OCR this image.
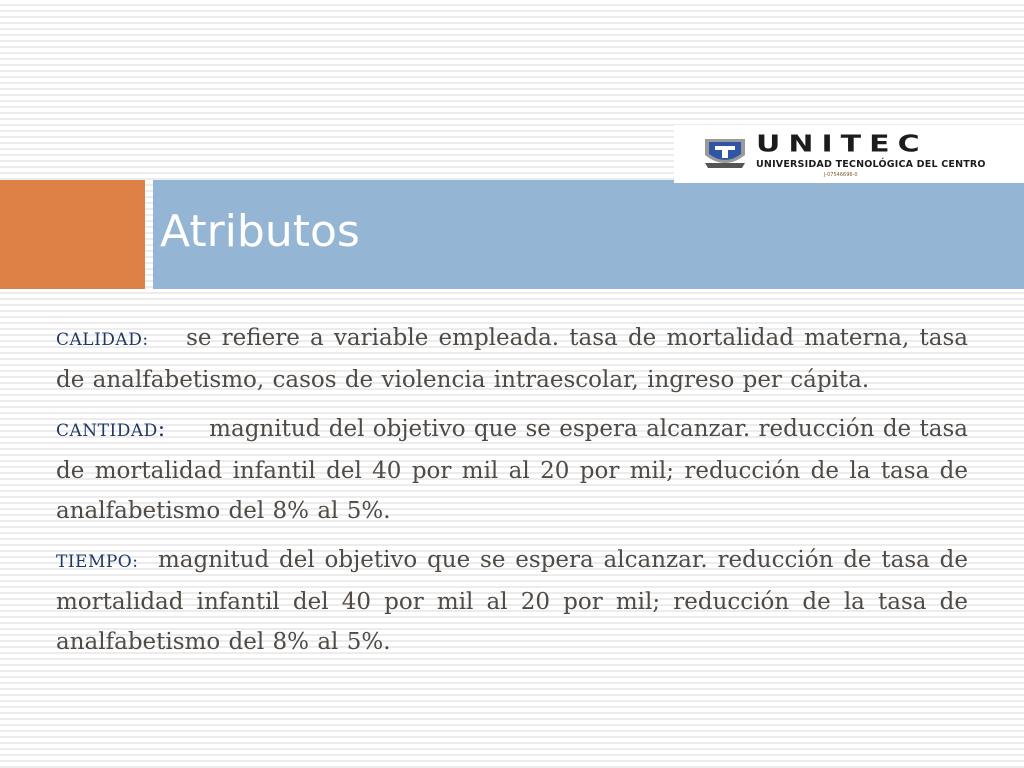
Atributos
UNITEC
UNIVERSIDAD TECNOLÓGICA DEL CENTRO
J-07546696-0

CALIDAD: se refiere a variable empleada. tasa de mortalidad materna, tasa de analfabetismo, casos de violencia intraescolar, ingreso per cápita.

CANTIDAD: magnitud del objetivo que se espera alcanzar. reducción de tasa de mortalidad infantil del 40 por mil al 20 por mil; reducción de la tasa de analfabetismo del 8% al 5%.

TIEMPO: magnitud del objetivo que se espera alcanzar. reducción de tasa de mortalidad infantil del 40 por mil al 20 por mil; reducción de la tasa de analfabetismo del 8% al 5%.
